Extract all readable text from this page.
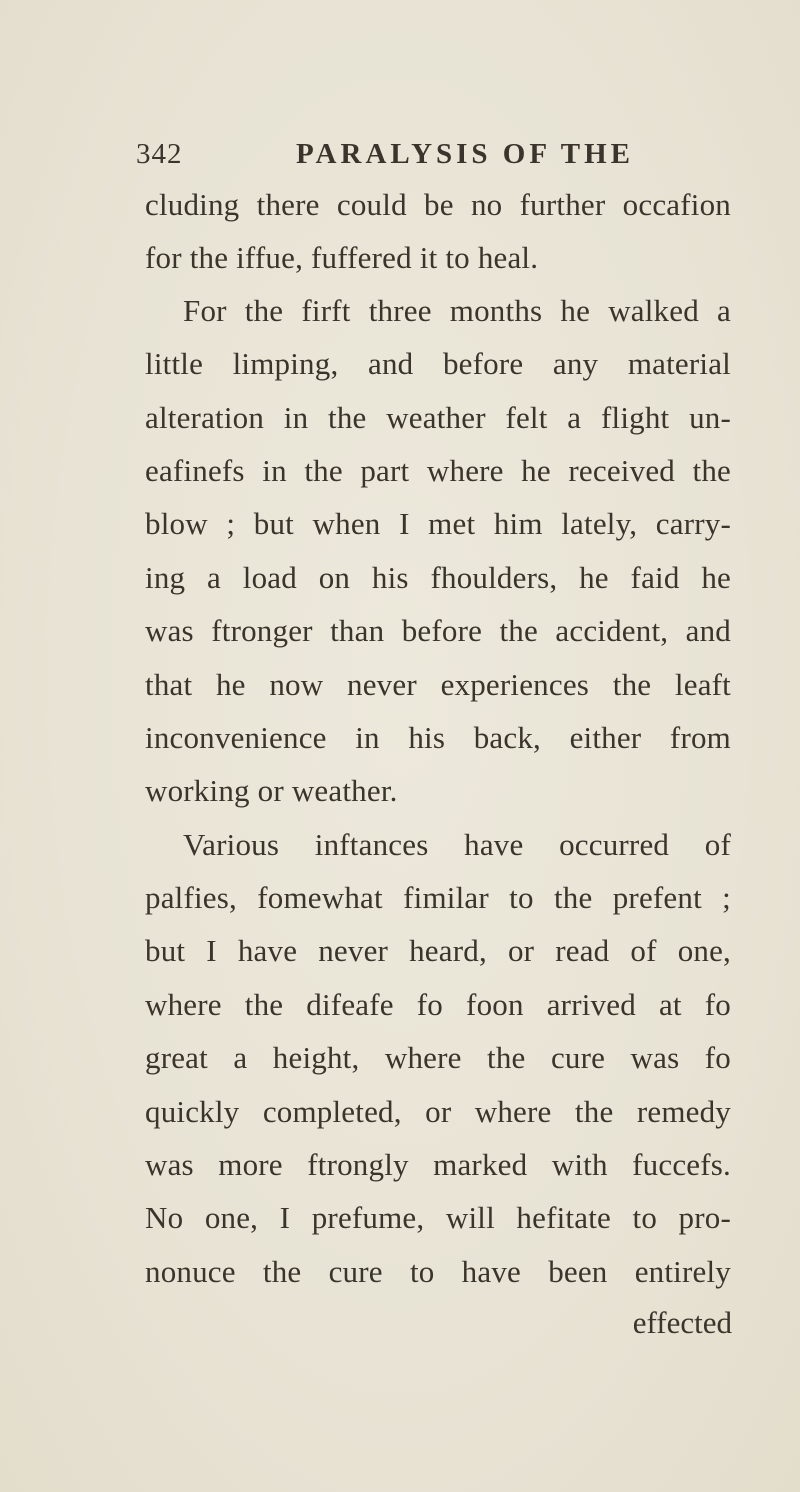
342	PARALYSIS OF THE
cluding there could be no further occafion
for the iffue, fuffered it to heal.
For the firft three months he walked a
little limping, and before any material
alteration in the weather felt a flight un-
eafinefs in the part where he received the
blow ; but when I met him lately, carry-
ing a load on his fhoulders, he faid he
was ftronger than before the accident, and
that he now never experiences the leaft
inconvenience in his back, either from
working or weather.
Various inftances have occurred of
palfies, fomewhat fimilar to the prefent ;
but I have never heard, or read of one,
where the difeafe fo foon arrived at fo
great a height, where the cure was fo
quickly completed, or where the remedy
was more ftrongly marked with fuccefs.
No one, I prefume, will hefitate to pro-
nonuce the cure to have been entirely
effected
